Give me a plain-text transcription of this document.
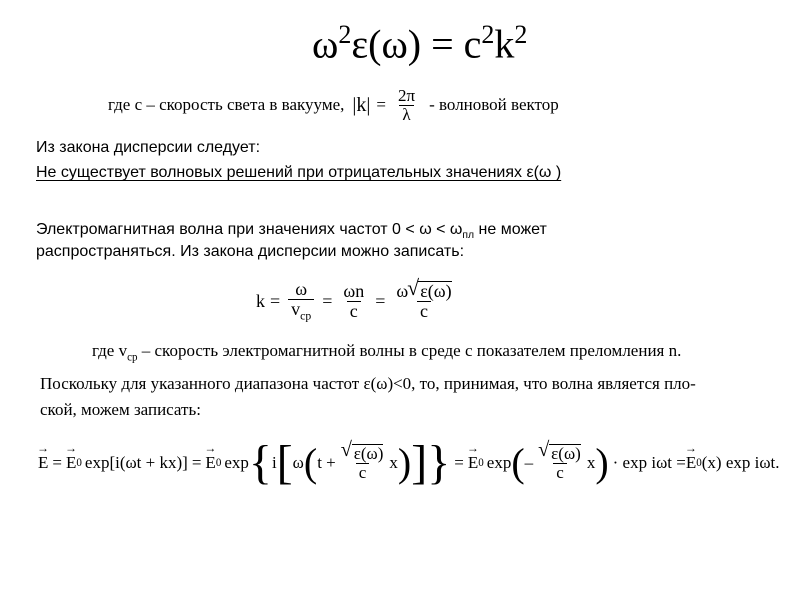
$\omega^2\varepsilon(\omega) = c^2k^2$
где с – скорость света в вакууме, $|k| = \frac{2\pi}{\lambda}$ - волновой вектор
Из закона дисперсии следует:
Не существует волновых решений при отрицательных значениях ε(ω )
Электромагнитная волна при значениях частот $0 < \omega < \omega_{пл}$ не может
распространяться. Из закона дисперсии можно записать:
$k = \frac{\omega}{v_{ср}} = \frac{\omega n}{c} = \frac{\omega √ \varepsilon(\omega)}{c}$
где $v_{ср}$ – скорость электромагнитной волны в среде с показателем преломления n.
Поскольку для указанного диапазона частот ε(ω)<0, то, принимая, что волна является пло-
ской, можем записать:
E → = E → 0 exp[i(ωt + kx)] = E → 0 exp { i [ ω ( t + √ $\frac{\varepsilon(\omega)}{c}$ x ) ] } = E → 0 exp ( – √ $\frac{\varepsilon(\omega)}{c}$ x ) · exp iωt = E → 0 (x) exp iωt.
